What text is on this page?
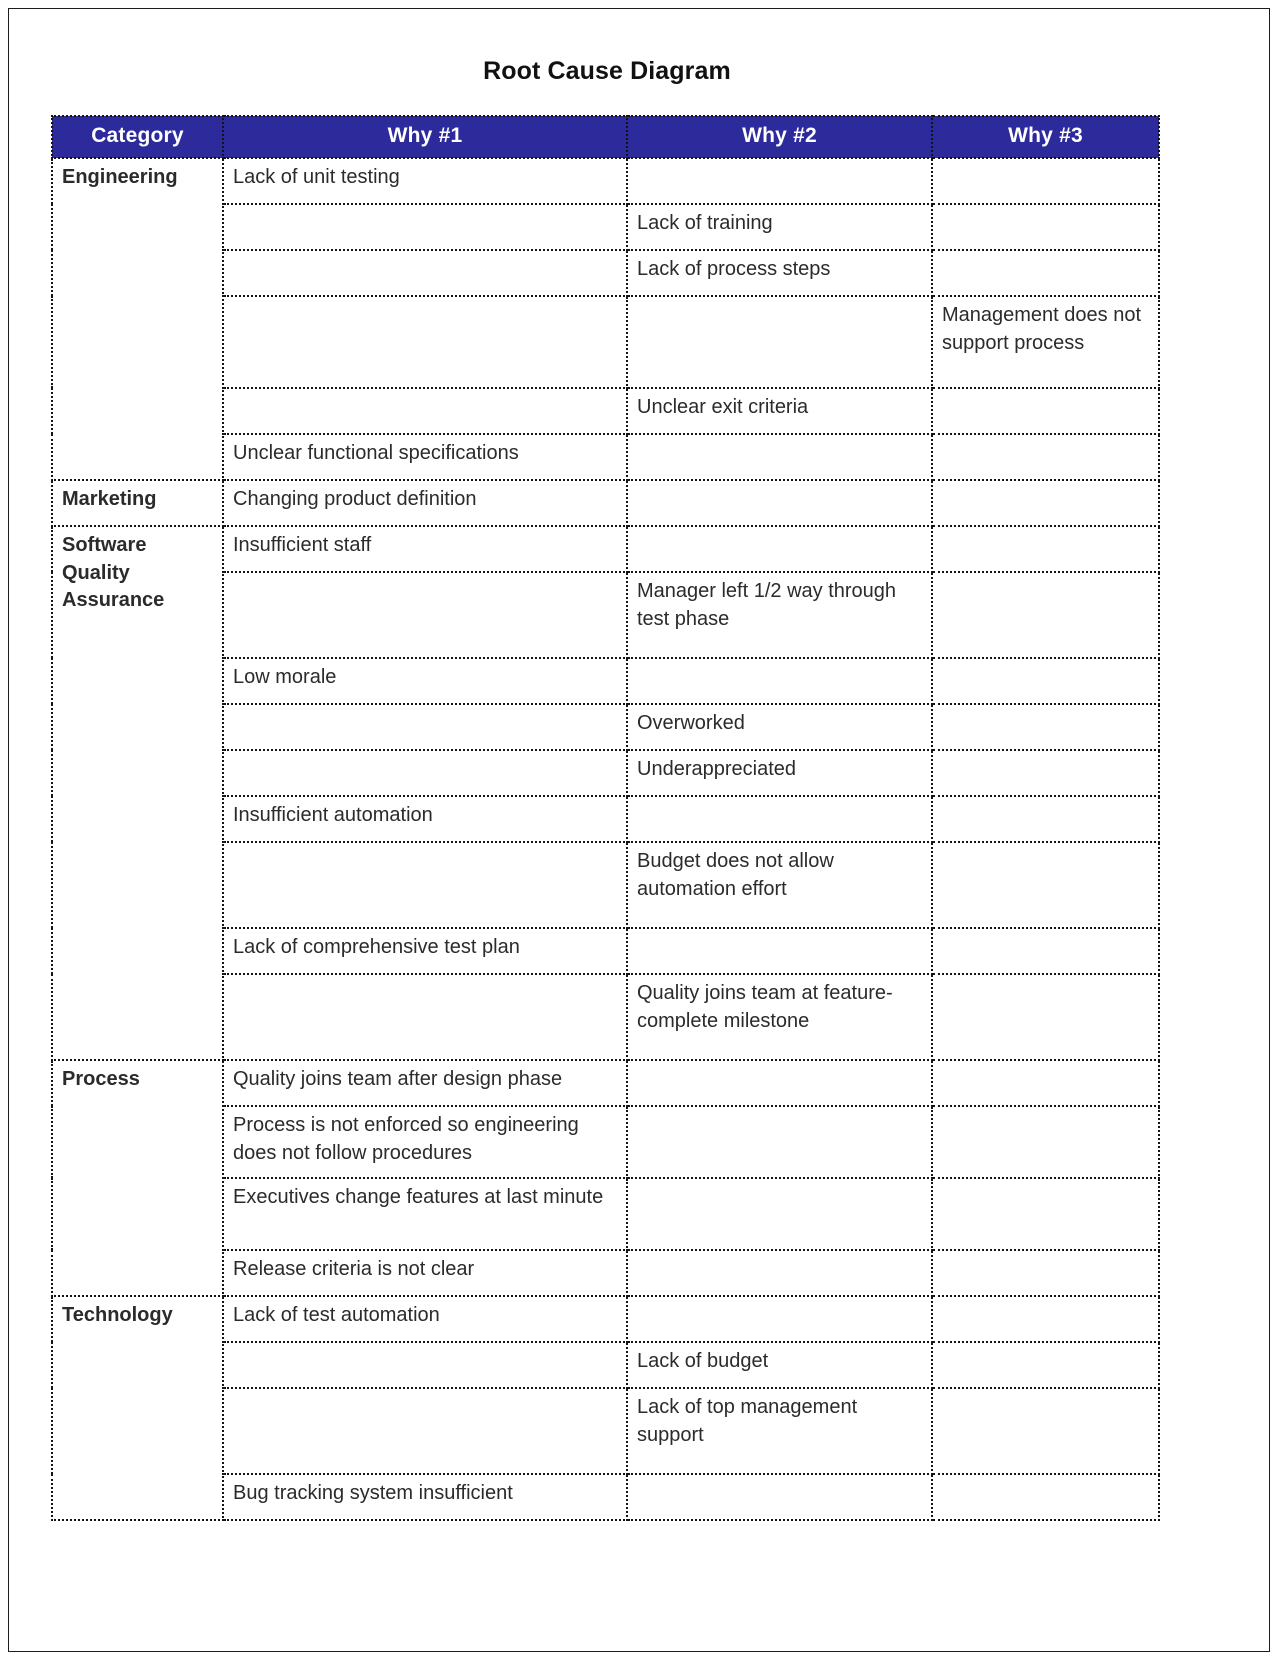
Root Cause Diagram
Category	Why #1	Why #2	Why #3
Engineering	Lack of unit testing		
		Lack of training	
		Lack of process steps	
			Management does not support process
		Unclear exit criteria	
	Unclear functional specifications		
Marketing	Changing product definition		
Software Quality Assurance	Insufficient staff		
		Manager left 1/2 way through test phase	
	Low morale		
		Overworked	
		Underappreciated	
	Insufficient automation		
		Budget does not allow automation effort	
	Lack of comprehensive test plan		
		Quality joins team at feature-complete milestone	
Process	Quality joins team after design phase		
	Process is not enforced so engineering does not follow procedures		
	Executives change features at last minute		
	Release criteria is not clear		
Technology	Lack of test automation		
		Lack of budget	
		Lack of top management support	
	Bug tracking system insufficient		
